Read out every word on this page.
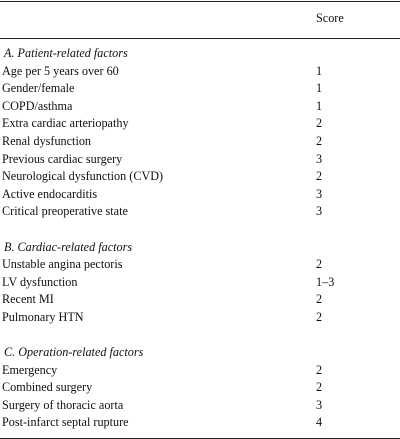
Score
A. Patient-related factors
Age per 5 years over 60	1
Gender/female	1
COPD/asthma	1
Extra cardiac arteriopathy	2
Renal dysfunction	2
Previous cardiac surgery	3
Neurological dysfunction (CVD)	2
Active endocarditis	3
Critical preoperative state	3
B. Cardiac-related factors
Unstable angina pectoris	2
LV dysfunction	1–3
Recent MI	2
Pulmonary HTN	2
C. Operation-related factors
Emergency	2
Combined surgery	2
Surgery of thoracic aorta	3
Post-infarct septal rupture	4
